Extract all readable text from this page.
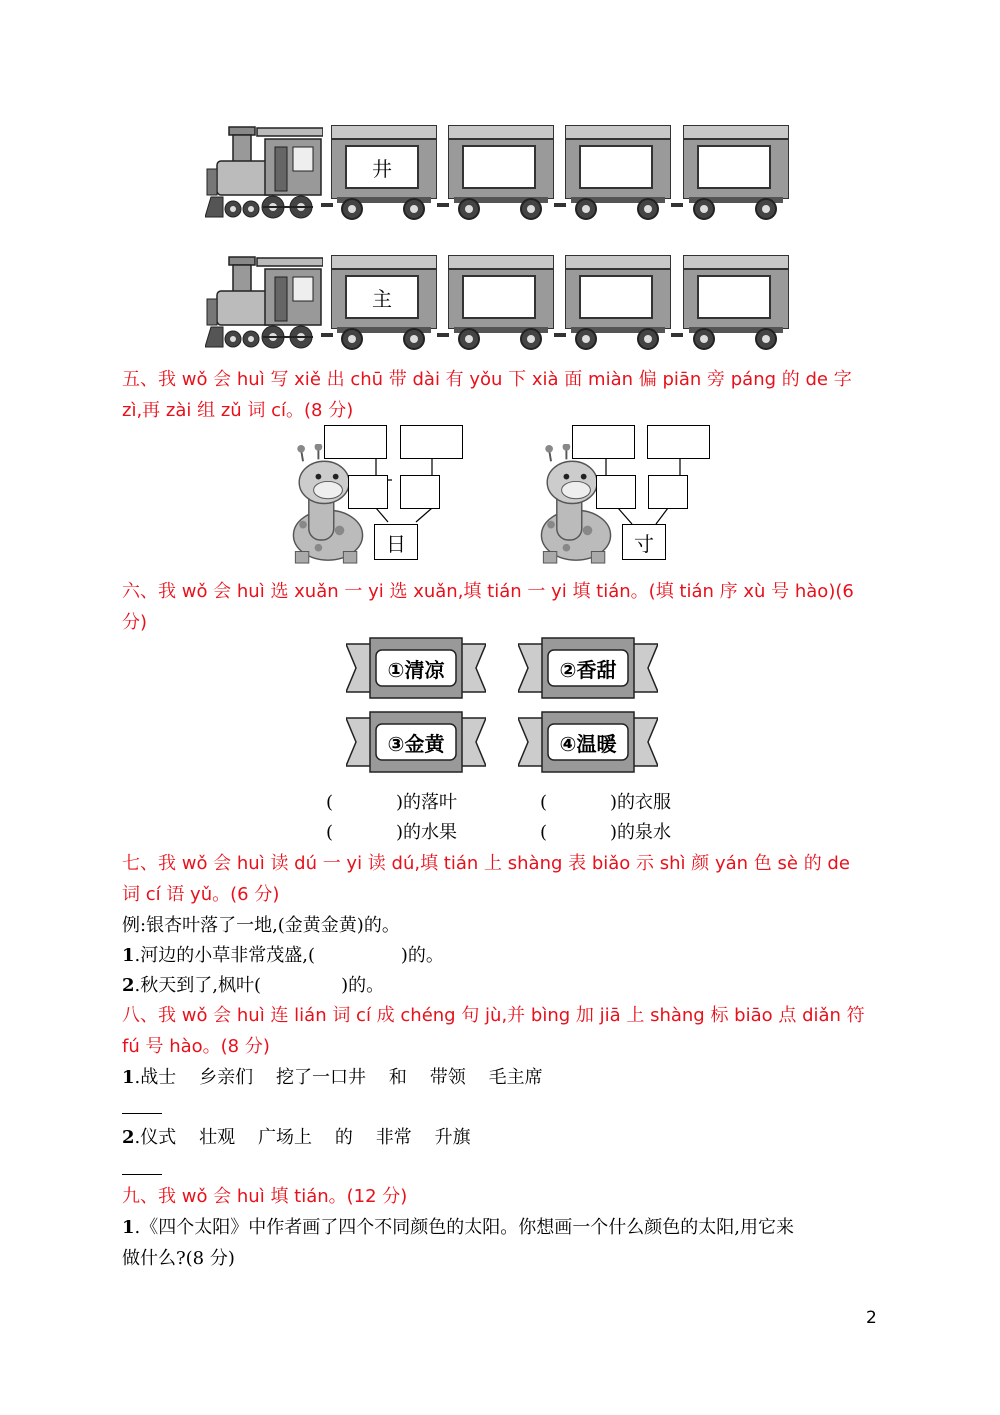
井
主
五、我 wǒ 会 huì 写 xiě 出 chū 带 dài 有 yǒu 下 xià 面 miàn 偏 piān 旁 páng 的 de 字
zì,再 zài 组 zǔ 词 cí。(8 分)
日	寸
六、我 wǒ 会 huì 选 xuǎn 一 yi 选 xuǎn,填 tián 一 yi 填 tián。(填 tián 序 xù 号 hào)(6
分)
①清凉	②香甜
③金黄	④温暖
(           )的落叶	(           )的衣服
(           )的水果	(           )的泉水
七、我 wǒ 会 huì 读 dú 一 yi 读 dú,填 tián 上 shàng 表 biǎo 示 shì 颜 yán 色 sè 的 de
词 cí 语 yǔ。(6 分)
例:银杏叶落了一地,(金黄金黄)的。
1.河边的小草非常茂盛,(               )的。
2.秋天到了,枫叶(              )的。
八、我 wǒ 会 huì 连 lián 词 cí 成 chéng 句 jù,并 bìng 加 jiā 上 shàng 标 biāo 点 diǎn 符
fú 号 hào。(8 分)
1.战士    乡亲们    挖了一口井    和    带领    毛主席
2.仪式    壮观    广场上    的    非常    升旗
九、我 wǒ 会 huì 填 tián。(12 分)
1.《四个太阳》中作者画了四个不同颜色的太阳。你想画一个什么颜色的太阳,用它来
做什么?(8 分)
2
